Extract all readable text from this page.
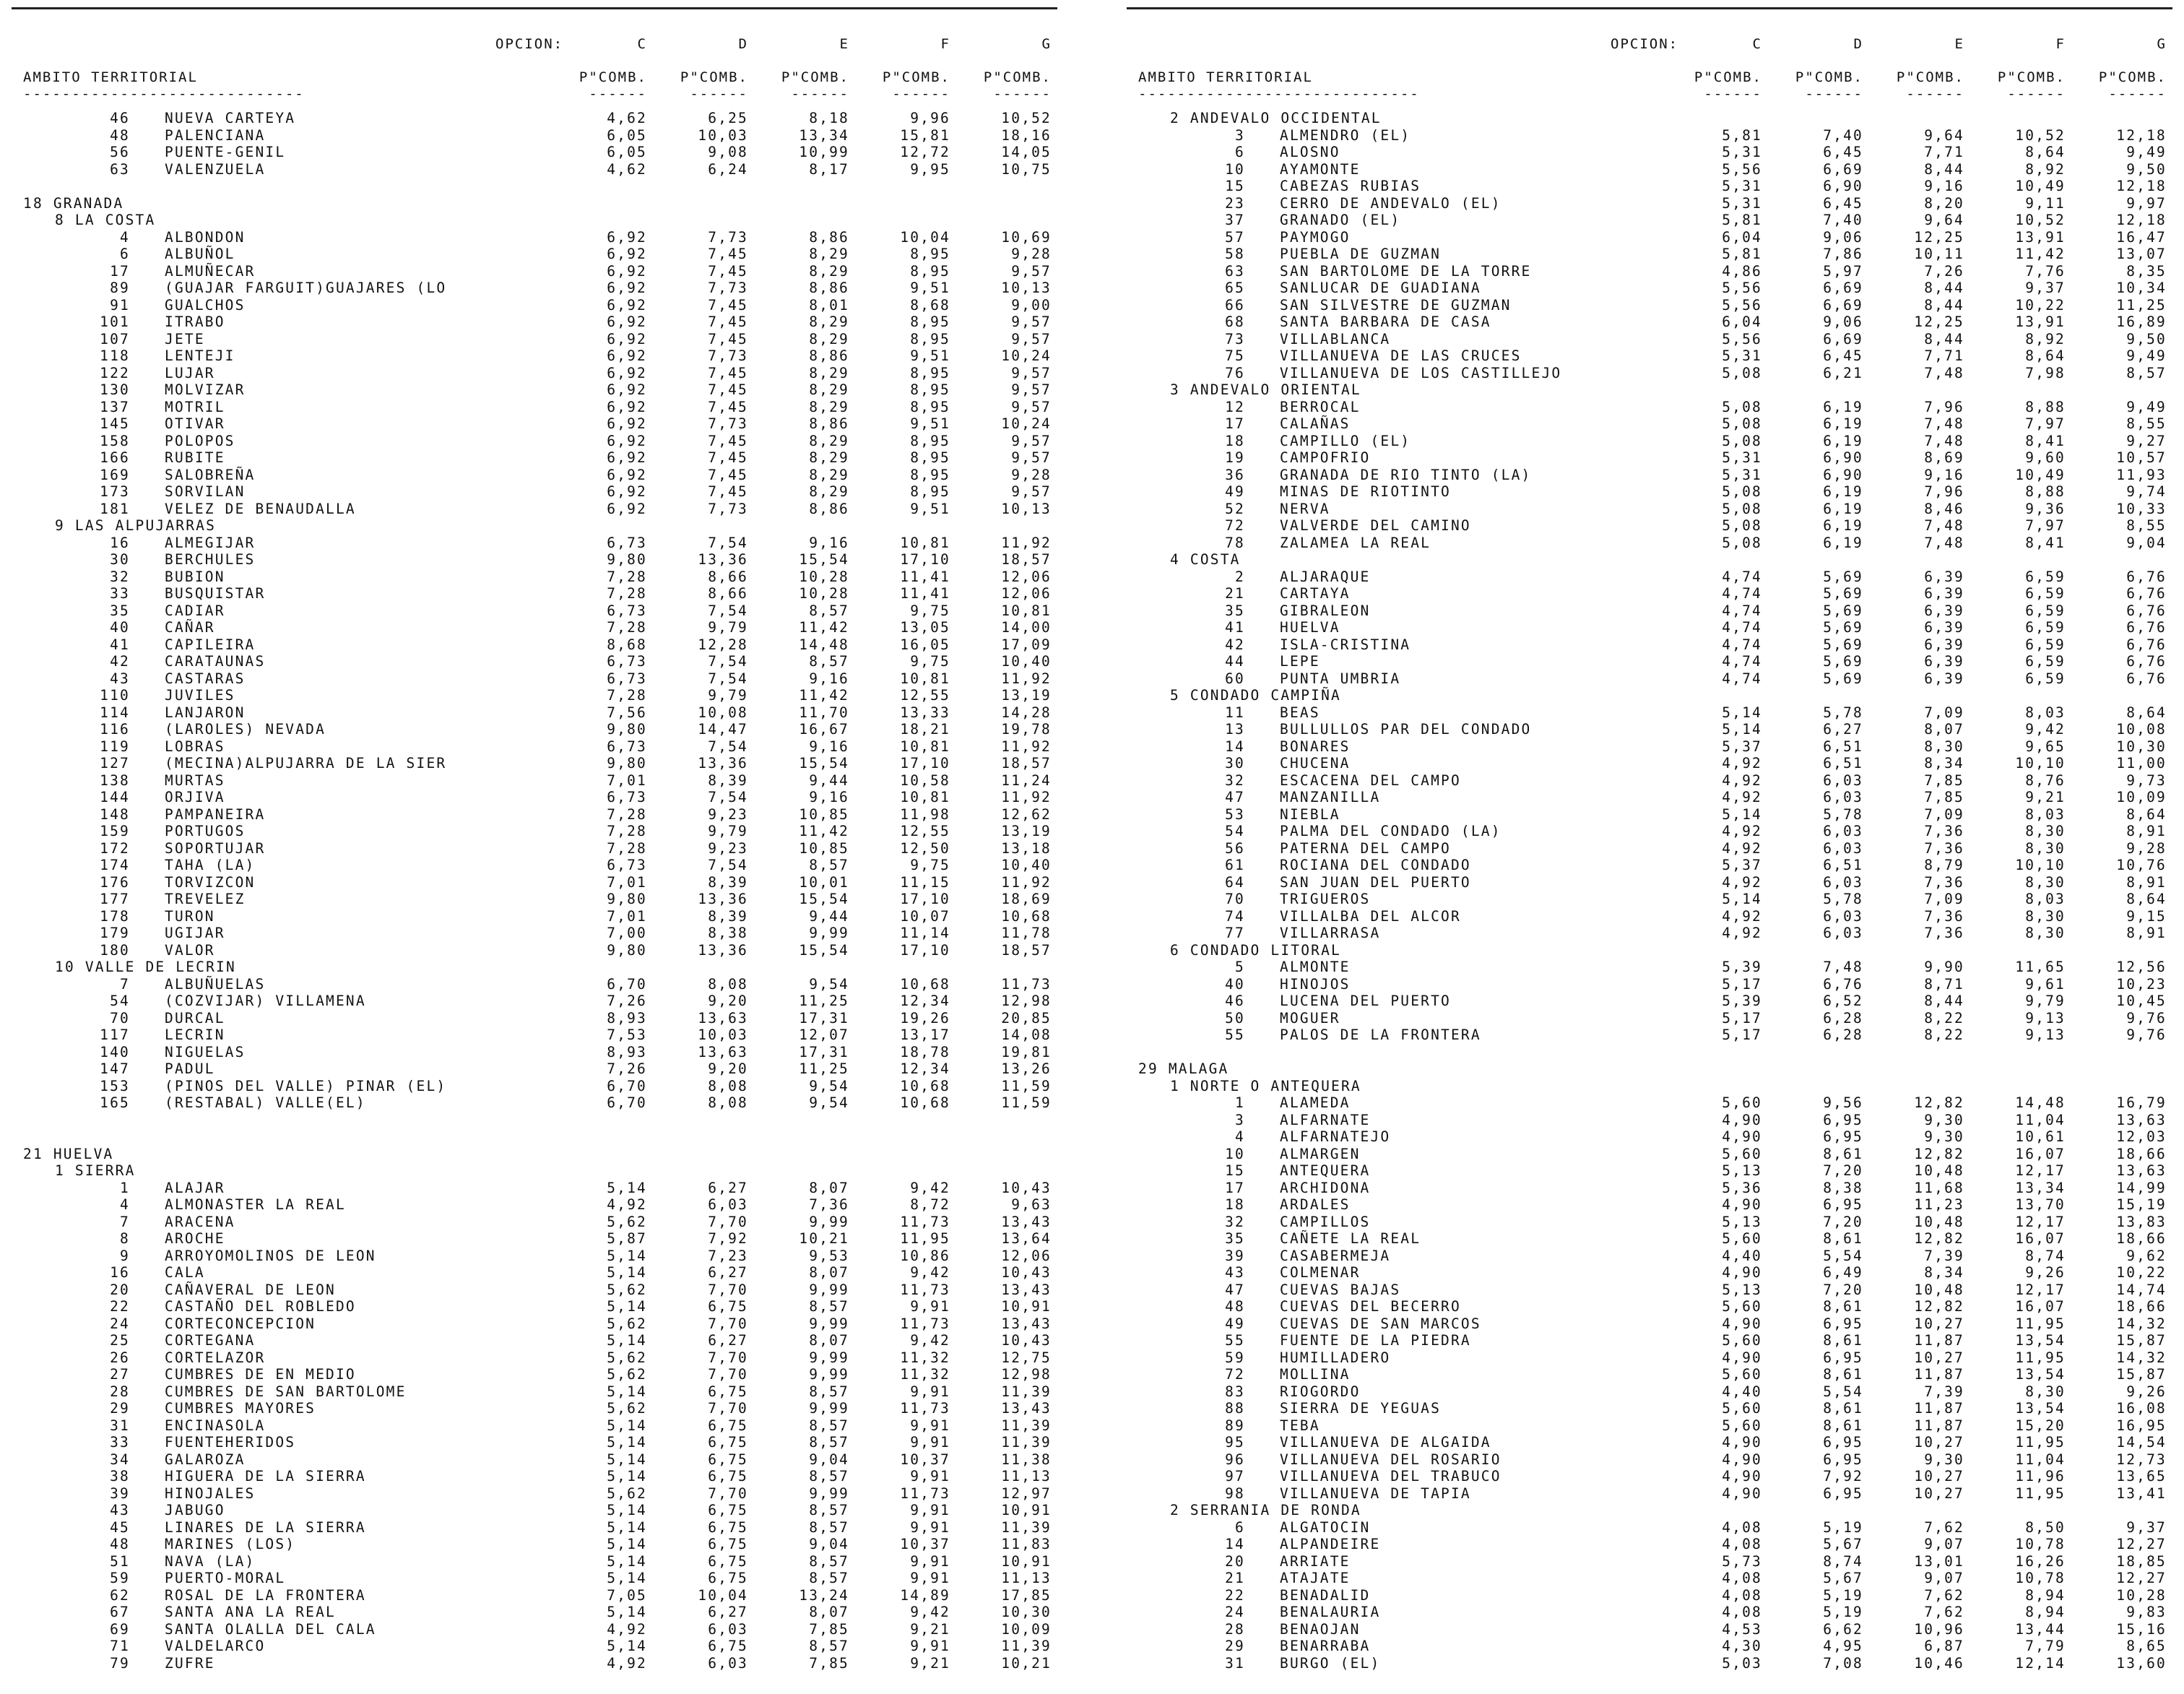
OPCION:	C	D	E	F	G
AMBITO TERRITORIAL	P"COMB.	P"COMB.	P"COMB.	P"COMB.	P"COMB.
-----------------------------	------	------	------	------	------
46 NUEVA CARTEYA	4,62	6,25	8,18	9,96	10,52
48 PALENCIANA	6,05	10,03	13,34	15,81	18,16
56 PUENTE-GENIL	6,05	9,08	10,99	12,72	14,05
63 VALENZUELA	4,62	6,24	8,17	9,95	10,75
18 GRANADA
8 LA COSTA
4 ALBONDON	6,92	7,73	8,86	10,04	10,69
6 ALBUÑOL	6,92	7,45	8,29	8,95	9,28
17 ALMUÑECAR	6,92	7,45	8,29	8,95	9,57
89 (GUAJAR FARGUIT)GUAJARES (LO	6,92	7,73	8,86	9,51	10,13
91 GUALCHOS	6,92	7,45	8,01	8,68	9,00
101 ITRABO	6,92	7,45	8,29	8,95	9,57
107 JETE	6,92	7,45	8,29	8,95	9,57
118 LENTEJI	6,92	7,73	8,86	9,51	10,24
122 LUJAR	6,92	7,45	8,29	8,95	9,57
130 MOLVIZAR	6,92	7,45	8,29	8,95	9,57
137 MOTRIL	6,92	7,45	8,29	8,95	9,57
145 OTIVAR	6,92	7,73	8,86	9,51	10,24
158 POLOPOS	6,92	7,45	8,29	8,95	9,57
166 RUBITE	6,92	7,45	8,29	8,95	9,57
169 SALOBREÑA	6,92	7,45	8,29	8,95	9,28
173 SORVILAN	6,92	7,45	8,29	8,95	9,57
181 VELEZ DE BENAUDALLA	6,92	7,73	8,86	9,51	10,13
9 LAS ALPUJARRAS
16 ALMEGIJAR	6,73	7,54	9,16	10,81	11,92
30 BERCHULES	9,80	13,36	15,54	17,10	18,57
32 BUBION	7,28	8,66	10,28	11,41	12,06
33 BUSQUISTAR	7,28	8,66	10,28	11,41	12,06
35 CADIAR	6,73	7,54	8,57	9,75	10,81
40 CAÑAR	7,28	9,79	11,42	13,05	14,00
41 CAPILEIRA	8,68	12,28	14,48	16,05	17,09
42 CARATAUNAS	6,73	7,54	8,57	9,75	10,40
43 CASTARAS	6,73	7,54	9,16	10,81	11,92
110 JUVILES	7,28	9,79	11,42	12,55	13,19
114 LANJARON	7,56	10,08	11,70	13,33	14,28
116 (LAROLES) NEVADA	9,80	14,47	16,67	18,21	19,78
119 LOBRAS	6,73	7,54	9,16	10,81	11,92
127 (MECINA)ALPUJARRA DE LA SIER	9,80	13,36	15,54	17,10	18,57
138 MURTAS	7,01	8,39	9,44	10,58	11,24
144 ORJIVA	6,73	7,54	9,16	10,81	11,92
148 PAMPANEIRA	7,28	9,23	10,85	11,98	12,62
159 PORTUGOS	7,28	9,79	11,42	12,55	13,19
172 SOPORTUJAR	7,28	9,23	10,85	12,50	13,18
174 TAHA (LA)	6,73	7,54	8,57	9,75	10,40
176 TORVIZCON	7,01	8,39	10,01	11,15	11,92
177 TREVELEZ	9,80	13,36	15,54	17,10	18,69
178 TURON	7,01	8,39	9,44	10,07	10,68
179 UGIJAR	7,00	8,38	9,99	11,14	11,78
180 VALOR	9,80	13,36	15,54	17,10	18,57
10 VALLE DE LECRIN
7 ALBUÑUELAS	6,70	8,08	9,54	10,68	11,73
54 (COZVIJAR) VILLAMENA	7,26	9,20	11,25	12,34	12,98
70 DURCAL	8,93	13,63	17,31	19,26	20,85
117 LECRIN	7,53	10,03	12,07	13,17	14,08
140 NIGUELAS	8,93	13,63	17,31	18,78	19,81
147 PADUL	7,26	9,20	11,25	12,34	13,26
153 (PINOS DEL VALLE) PINAR (EL)	6,70	8,08	9,54	10,68	11,59
165 (RESTABAL) VALLE(EL)	6,70	8,08	9,54	10,68	11,59
21 HUELVA
1 SIERRA
1 ALAJAR	5,14	6,27	8,07	9,42	10,43
4 ALMONASTER LA REAL	4,92	6,03	7,36	8,72	9,63
7 ARACENA	5,62	7,70	9,99	11,73	13,43
8 AROCHE	5,87	7,92	10,21	11,95	13,64
9 ARROYOMOLINOS DE LEON	5,14	7,23	9,53	10,86	12,06
16 CALA	5,14	6,27	8,07	9,42	10,43
20 CAÑAVERAL DE LEON	5,62	7,70	9,99	11,73	13,43
22 CASTAÑO DEL ROBLEDO	5,14	6,75	8,57	9,91	10,91
24 CORTECONCEPCION	5,62	7,70	9,99	11,73	13,43
25 CORTEGANA	5,14	6,27	8,07	9,42	10,43
26 CORTELAZOR	5,62	7,70	9,99	11,32	12,75
27 CUMBRES DE EN MEDIO	5,62	7,70	9,99	11,32	12,98
28 CUMBRES DE SAN BARTOLOME	5,14	6,75	8,57	9,91	11,39
29 CUMBRES MAYORES	5,62	7,70	9,99	11,73	13,43
31 ENCINASOLA	5,14	6,75	8,57	9,91	11,39
33 FUENTEHERIDOS	5,14	6,75	8,57	9,91	11,39
34 GALAROZA	5,14	6,75	9,04	10,37	11,38
38 HIGUERA DE LA SIERRA	5,14	6,75	8,57	9,91	11,13
39 HINOJALES	5,62	7,70	9,99	11,73	12,97
43 JABUGO	5,14	6,75	8,57	9,91	10,91
45 LINARES DE LA SIERRA	5,14	6,75	8,57	9,91	11,39
48 MARINES (LOS)	5,14	6,75	9,04	10,37	11,83
51 NAVA (LA)	5,14	6,75	8,57	9,91	10,91
59 PUERTO-MORAL	5,14	6,75	8,57	9,91	11,13
62 ROSAL DE LA FRONTERA	7,05	10,04	13,24	14,89	17,85
67 SANTA ANA LA REAL	5,14	6,27	8,07	9,42	10,30
69 SANTA OLALLA DEL CALA	4,92	6,03	7,85	9,21	10,09
71 VALDELARCO	5,14	6,75	8,57	9,91	11,39
79 ZUFRE	4,92	6,03	7,85	9,21	10,21
OPCION:	C	D	E	F	G
AMBITO TERRITORIAL	P"COMB.	P"COMB.	P"COMB.	P"COMB.	P"COMB.
-----------------------------	------	------	------	------	------
2 ANDEVALO OCCIDENTAL
3 ALMENDRO (EL)	5,81	7,40	9,64	10,52	12,18
6 ALOSNO	5,31	6,45	7,71	8,64	9,49
10 AYAMONTE	5,56	6,69	8,44	8,92	9,50
15 CABEZAS RUBIAS	5,31	6,90	9,16	10,49	12,18
23 CERRO DE ANDEVALO (EL)	5,31	6,45	8,20	9,11	9,97
37 GRANADO (EL)	5,81	7,40	9,64	10,52	12,18
57 PAYMOGO	6,04	9,06	12,25	13,91	16,47
58 PUEBLA DE GUZMAN	5,81	7,86	10,11	11,42	13,07
63 SAN BARTOLOME DE LA TORRE	4,86	5,97	7,26	7,76	8,35
65 SANLUCAR DE GUADIANA	5,56	6,69	8,44	9,37	10,34
66 SAN SILVESTRE DE GUZMAN	5,56	6,69	8,44	10,22	11,25
68 SANTA BARBARA DE CASA	6,04	9,06	12,25	13,91	16,89
73 VILLABLANCA	5,56	6,69	8,44	8,92	9,50
75 VILLANUEVA DE LAS CRUCES	5,31	6,45	7,71	8,64	9,49
76 VILLANUEVA DE LOS CASTILLEJO	5,08	6,21	7,48	7,98	8,57
3 ANDEVALO ORIENTAL
12 BERROCAL	5,08	6,19	7,96	8,88	9,49
17 CALAÑAS	5,08	6,19	7,48	7,97	8,55
18 CAMPILLO (EL)	5,08	6,19	7,48	8,41	9,27
19 CAMPOFRIO	5,31	6,90	8,69	9,60	10,57
36 GRANADA DE RIO TINTO (LA)	5,31	6,90	9,16	10,49	11,93
49 MINAS DE RIOTINTO	5,08	6,19	7,96	8,88	9,74
52 NERVA	5,08	6,19	8,46	9,36	10,33
72 VALVERDE DEL CAMINO	5,08	6,19	7,48	7,97	8,55
78 ZALAMEA LA REAL	5,08	6,19	7,48	8,41	9,04
4 COSTA
2 ALJARAQUE	4,74	5,69	6,39	6,59	6,76
21 CARTAYA	4,74	5,69	6,39	6,59	6,76
35 GIBRALEON	4,74	5,69	6,39	6,59	6,76
41 HUELVA	4,74	5,69	6,39	6,59	6,76
42 ISLA-CRISTINA	4,74	5,69	6,39	6,59	6,76
44 LEPE	4,74	5,69	6,39	6,59	6,76
60 PUNTA UMBRIA	4,74	5,69	6,39	6,59	6,76
5 CONDADO CAMPIÑA
11 BEAS	5,14	5,78	7,09	8,03	8,64
13 BULLULLOS PAR DEL CONDADO	5,14	6,27	8,07	9,42	10,08
14 BONARES	5,37	6,51	8,30	9,65	10,30
30 CHUCENA	4,92	6,51	8,34	10,10	11,00
32 ESCACENA DEL CAMPO	4,92	6,03	7,85	8,76	9,73
47 MANZANILLA	4,92	6,03	7,85	9,21	10,09
53 NIEBLA	5,14	5,78	7,09	8,03	8,64
54 PALMA DEL CONDADO (LA)	4,92	6,03	7,36	8,30	8,91
56 PATERNA DEL CAMPO	4,92	6,03	7,36	8,30	9,28
61 ROCIANA DEL CONDADO	5,37	6,51	8,79	10,10	10,76
64 SAN JUAN DEL PUERTO	4,92	6,03	7,36	8,30	8,91
70 TRIGUEROS	5,14	5,78	7,09	8,03	8,64
74 VILLALBA DEL ALCOR	4,92	6,03	7,36	8,30	9,15
77 VILLARRASA	4,92	6,03	7,36	8,30	8,91
6 CONDADO LITORAL
5 ALMONTE	5,39	7,48	9,90	11,65	12,56
40 HINOJOS	5,17	6,76	8,71	9,61	10,23
46 LUCENA DEL PUERTO	5,39	6,52	8,44	9,79	10,45
50 MOGUER	5,17	6,28	8,22	9,13	9,76
55 PALOS DE LA FRONTERA	5,17	6,28	8,22	9,13	9,76
29 MALAGA
1 NORTE O ANTEQUERA
1 ALAMEDA	5,60	9,56	12,82	14,48	16,79
3 ALFARNATE	4,90	6,95	9,30	11,04	13,63
4 ALFARNATEJO	4,90	6,95	9,30	10,61	12,03
10 ALMARGEN	5,60	8,61	12,82	16,07	18,66
15 ANTEQUERA	5,13	7,20	10,48	12,17	13,63
17 ARCHIDONA	5,36	8,38	11,68	13,34	14,99
18 ARDALES	4,90	6,95	11,23	13,70	15,19
32 CAMPILLOS	5,13	7,20	10,48	12,17	13,83
35 CAÑETE LA REAL	5,60	8,61	12,82	16,07	18,66
39 CASABERMEJA	4,40	5,54	7,39	8,74	9,62
43 COLMENAR	4,90	6,49	8,34	9,26	10,22
47 CUEVAS BAJAS	5,13	7,20	10,48	12,17	14,74
48 CUEVAS DEL BECERRO	5,60	8,61	12,82	16,07	18,66
49 CUEVAS DE SAN MARCOS	4,90	6,95	10,27	11,95	14,32
55 FUENTE DE LA PIEDRA	5,60	8,61	11,87	13,54	15,87
59 HUMILLADERO	4,90	6,95	10,27	11,95	14,32
72 MOLLINA	5,60	8,61	11,87	13,54	15,87
83 RIOGORDO	4,40	5,54	7,39	8,30	9,26
88 SIERRA DE YEGUAS	5,60	8,61	11,87	13,54	16,08
89 TEBA	5,60	8,61	11,87	15,20	16,95
95 VILLANUEVA DE ALGAIDA	4,90	6,95	10,27	11,95	14,54
96 VILLANUEVA DEL ROSARIO	4,90	6,95	9,30	11,04	12,73
97 VILLANUEVA DEL TRABUCO	4,90	7,92	10,27	11,96	13,65
98 VILLANUEVA DE TAPIA	4,90	6,95	10,27	11,95	13,41
2 SERRANIA DE RONDA
6 ALGATOCIN	4,08	5,19	7,62	8,50	9,37
14 ALPANDEIRE	4,08	5,67	9,07	10,78	12,27
20 ARRIATE	5,73	8,74	13,01	16,26	18,85
21 ATAJATE	4,08	5,67	9,07	10,78	12,27
22 BENADALID	4,08	5,19	7,62	8,94	10,28
24 BENALAURIA	4,08	5,19	7,62	8,94	9,83
28 BENAOJAN	4,53	6,62	10,96	13,44	15,16
29 BENARRABA	4,30	4,95	6,87	7,79	8,65
31 BURGO (EL)	5,03	7,08	10,46	12,14	13,60
